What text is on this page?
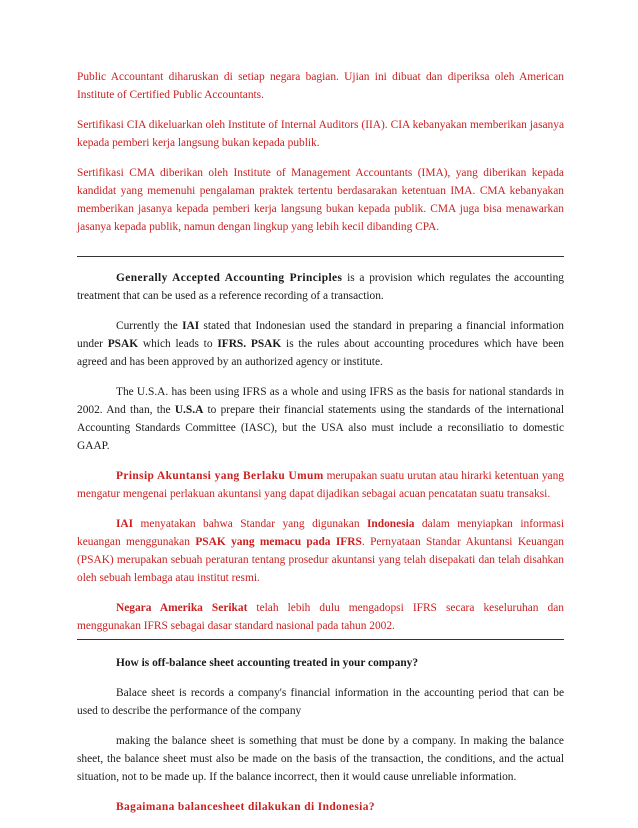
Public Accountant diharuskan di setiap negara bagian. Ujian ini dibuat dan diperiksa oleh American Institute of Certified Public Accountants.

Sertifikasi CIA dikeluarkan oleh Institute of Internal Auditors (IIA). CIA kebanyakan memberikan jasanya kepada pemberi kerja langsung bukan kepada publik.

Sertifikasi CMA diberikan oleh Institute of Management Accountants (IMA), yang diberikan kepada kandidat yang memenuhi pengalaman praktek tertentu berdasarakan ketentuan IMA. CMA kebanyakan memberikan jasanya kepada pemberi kerja langsung bukan kepada publik. CMA juga bisa menawarkan jasanya kepada publik, namun dengan lingkup yang lebih kecil dibanding CPA.

Generally Accepted Accounting Principles is a provision which regulates the accounting treatment that can be used as a reference recording of a transaction.

Currently the IAI stated that Indonesian used the standard in preparing a financial information under PSAK which leads to IFRS. PSAK is the rules about accounting procedures which have been agreed and has been approved by an authorized agency or institute.

The U.S.A. has been using IFRS as a whole and using IFRS as the basis for national standards in 2002. And than, the U.S.A to prepare their financial statements using the standards of the international Accounting Standards Committee (IASC), but the USA also must include a reconsiliatio to domestic GAAP.

Prinsip Akuntansi yang Berlaku Umum merupakan suatu urutan atau hirarki ketentuan yang mengatur mengenai perlakuan akuntansi yang dapat dijadikan sebagai acuan pencatatan suatu transaksi.

IAI menyatakan bahwa Standar yang digunakan Indonesia dalam menyiapkan informasi keuangan menggunakan PSAK yang memacu pada IFRS. Pernyataan Standar Akuntansi Keuangan (PSAK) merupakan sebuah peraturan tentang prosedur akuntansi yang telah disepakati dan telah disahkan oleh sebuah lembaga atau institut resmi.

Negara Amerika Serikat telah lebih dulu mengadopsi IFRS secara keseluruhan dan menggunakan IFRS sebagai dasar standard nasional pada tahun 2002.

How is off-balance sheet accounting treated in your company?

Balace sheet is records a company's financial information in the accounting period that can be used to describe the performance of the company

making the balance sheet is something that must be done by a company. In making the balance sheet, the balance sheet must also be made on the basis of the transaction, the conditions, and the actual situation, not to be made up. If the balance incorrect, then it would cause unreliable information.

Bagaimana balancesheet dilakukan di Indonesia?
